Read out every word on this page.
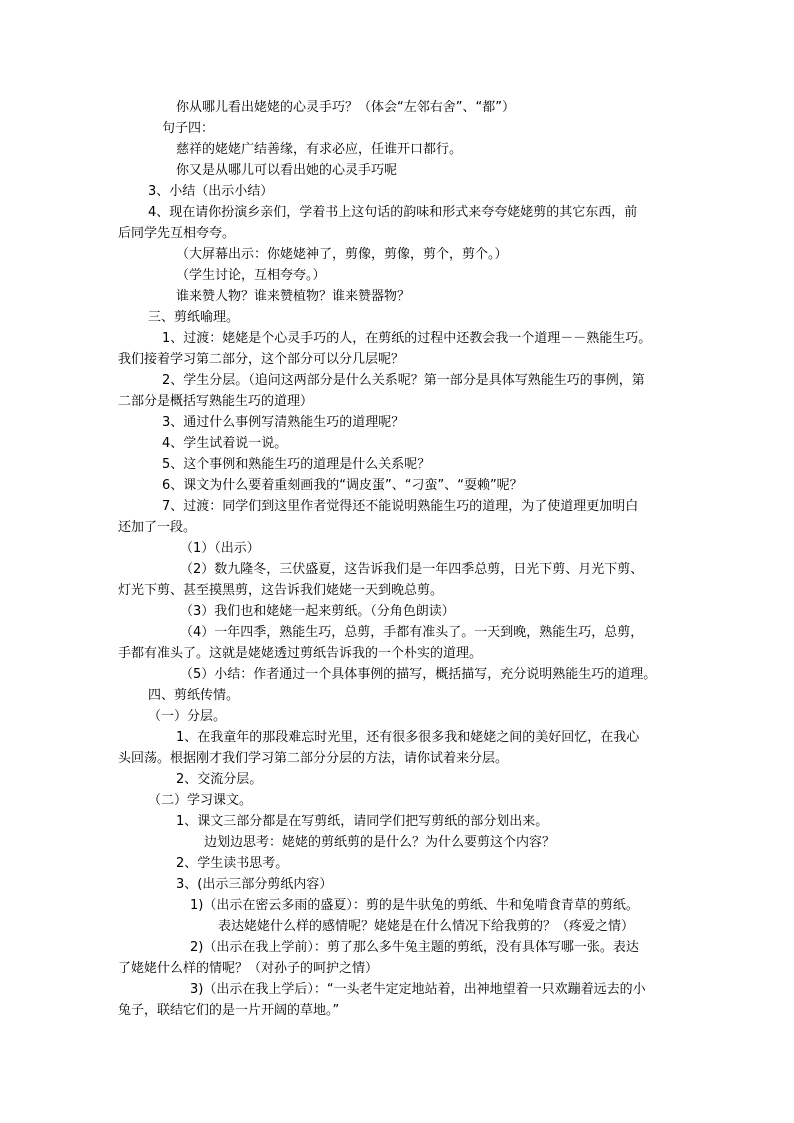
你从哪儿看出姥姥的心灵手巧？（体会“左邻右舍”、“都”）
句子四：
慈祥的姥姥广结善缘，有求必应，任谁开口都行。
你又是从哪儿可以看出她的心灵手巧呢
3、小结（出示小结）
4、现在请你扮演乡亲们，学着书上这句话的韵味和形式来夸夸姥姥剪的其它东西，前
后同学先互相夸夸。
（大屏幕出示：你姥姥神了，剪像，剪像，剪个，剪个。）
（学生讨论，互相夸夸。）
谁来赞人物？谁来赞植物？谁来赞器物？
三、剪纸喻理。
1、过渡：姥姥是个心灵手巧的人，在剪纸的过程中还教会我一个道理－－熟能生巧。
我们接着学习第二部分，这个部分可以分几层呢？
2、学生分层。（追问这两部分是什么关系呢？第一部分是具体写熟能生巧的事例，第
二部分是概括写熟能生巧的道理）
3、通过什么事例写清熟能生巧的道理呢？
4、学生试着说一说。
5、这个事例和熟能生巧的道理是什么关系呢？
6、课文为什么要着重刻画我的“调皮蛋”、“刁蛮”、“耍赖”呢？
7、过渡：同学们到这里作者觉得还不能说明熟能生巧的道理，为了使道理更加明白
还加了一段。
（1）（出示）
（2）数九隆冬，三伏盛夏，这告诉我们是一年四季总剪，日光下剪、月光下剪、
灯光下剪、甚至摸黑剪，这告诉我们姥姥一天到晚总剪。
（3）我们也和姥姥一起来剪纸。（分角色朗读）
（4）一年四季，熟能生巧，总剪，手都有准头了。一天到晚，熟能生巧，总剪，
手都有准头了。这就是姥姥透过剪纸告诉我的一个朴实的道理。
（5）小结：作者通过一个具体事例的描写，概括描写，充分说明熟能生巧的道理。
四、剪纸传情。
（一）分层。
1、在我童年的那段难忘时光里，还有很多很多我和姥姥之间的美好回忆，在我心
头回荡。根据刚才我们学习第二部分分层的方法，请你试着来分层。
2、交流分层。
（二）学习课文。
1、课文三部分都是在写剪纸，请同学们把写剪纸的部分划出来。
边划边思考：姥姥的剪纸剪的是什么？为什么要剪这个内容？
2、学生读书思考。
3、(出示三部分剪纸内容）
1)（出示在密云多雨的盛夏）：剪的是牛驮兔的剪纸、牛和兔啃食青草的剪纸。
表达姥姥什么样的感情呢？姥姥是在什么情况下给我剪的？（疼爱之情）
2)（出示在我上学前）：剪了那么多牛兔主题的剪纸，没有具体写哪一张。表达
了姥姥什么样的情呢？（对孙子的呵护之情）
3)（出示在我上学后）：“一头老牛定定地站着，出神地望着一只欢蹦着远去的小
兔子，联结它们的是一片开阔的草地。”
